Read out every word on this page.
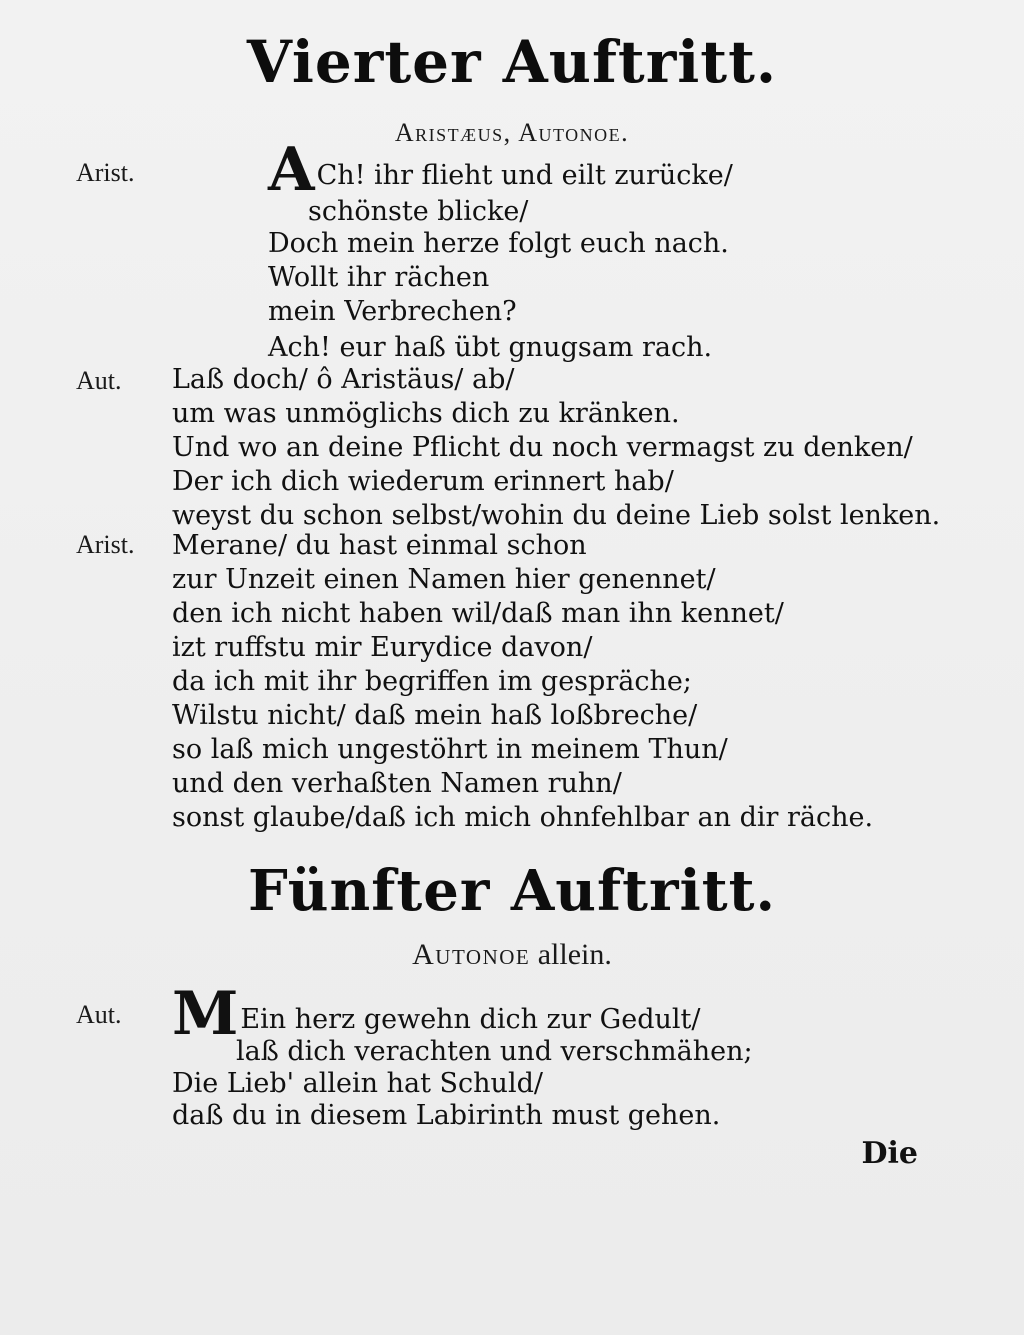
Vierter Auftritt.
Aristæus, Autonoe.
Arist. ACh! ihr flieht und eilt zurücke/
schönste blicke/
Doch mein herze folgt euch nach.
Wollt ihr rächen
mein Verbrechen?
Ach! eur haß übt gnugsam rach.
Aut. Laß doch/ ô Aristäus/ ab/
um was unmöglichs dich zu kränken.
Und wo an deine Pflicht du noch vermagst zu denken/
Der ich dich wiederum erinnert hab/
weyst du schon selbst/wohin du deine Lieb solst lenken.
Arist. Merane/ du hast einmal schon
zur Unzeit einen Namen hier genennet/
den ich nicht haben wil/daß man ihn kennet/
izt ruffstu mir Eurydice davon/
da ich mit ihr begriffen im gespräche;
Wilstu nicht/ daß mein haß loßbreche/
so laß mich ungestöhrt in meinem Thun/
und den verhaßten Namen ruhn/
sonst glaube/daß ich mich ohnfehlbar an dir räche.
Fünfter Auftritt.
Autonoe allein.
Aut. MEin herz gewehn dich zur Gedult/
laß dich verachten und verschmähen;
Die Lieb' allein hat Schuld/
daß du in diesem Labirinth must gehen.
Die
